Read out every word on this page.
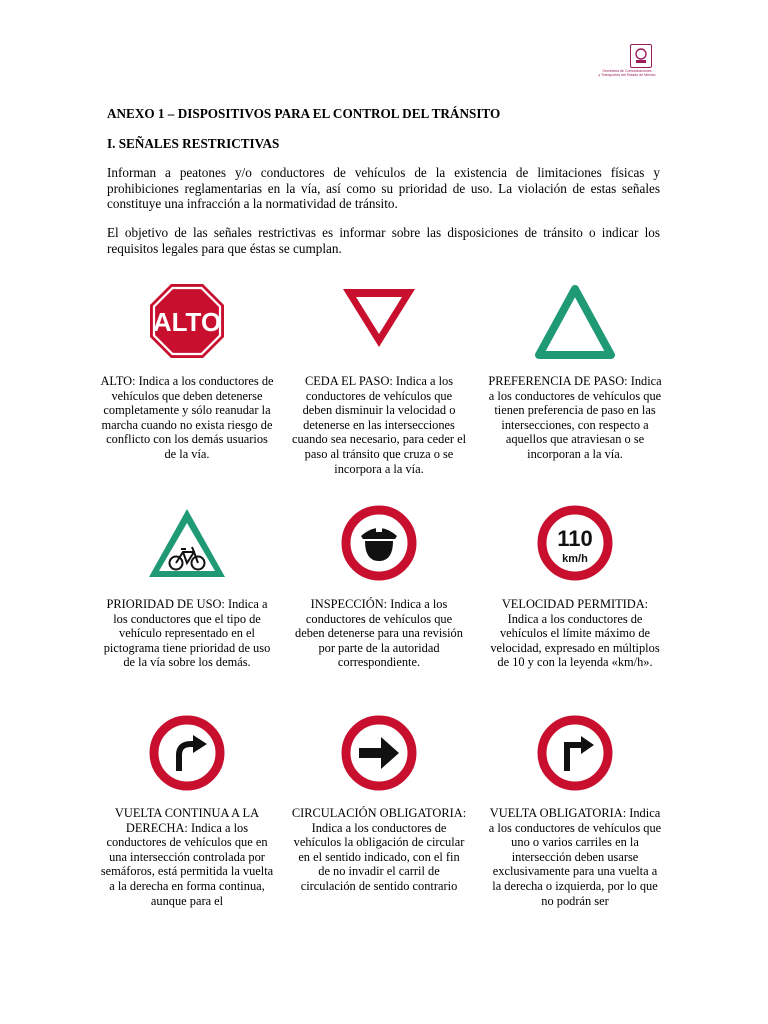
Secretaría de Comunicaciones
y Transportes del Estado de México
ANEXO 1 – DISPOSITIVOS PARA EL CONTROL DEL TRÁNSITO
I. SEÑALES RESTRICTIVAS

Informan a peatones y/o conductores de vehículos de la existencia de limitaciones físicas y prohibiciones reglamentarias en la vía, así como su prioridad de uso. La violación de estas señales constituye una infracción a la normatividad de tránsito.

El objetivo de las señales restrictivas es informar sobre las disposiciones de tránsito o indicar los requisitos legales para que éstas se cumplan.

ALTO

ALTO: Indica a los conductores de vehículos que deben detenerse completamente y sólo reanudar la marcha cuando no exista riesgo de conflicto con los demás usuarios de la vía.

CEDA EL PASO: Indica a los conductores de vehículos que deben disminuir la velocidad o detenerse en las intersecciones cuando sea necesario, para ceder el paso al tránsito que cruza o se incorpora a la vía.

PREFERENCIA DE PASO: Indica a los conductores de vehículos que tienen preferencia de paso en las intersecciones, con respecto a aquellos que atraviesan o se incorporan a la vía.

PRIORIDAD DE USO: Indica a los conductores que el tipo de vehículo representado en el pictograma tiene prioridad de uso de la vía sobre los demás.

INSPECCIÓN: Indica a los conductores de vehículos que deben detenerse para una revisión por parte de la autoridad correspondiente.

110
km/h

VELOCIDAD PERMITIDA: Indica a los conductores de vehículos el límite máximo de velocidad, expresado en múltiplos de 10 y con la leyenda «km/h».

VUELTA CONTINUA A LA DERECHA: Indica a los conductores de vehículos que en una intersección controlada por semáforos, está permitida la vuelta a la derecha en forma continua, aunque para el

CIRCULACIÓN OBLIGATORIA: Indica a los conductores de vehículos la obligación de circular en el sentido indicado, con el fin de no invadir el carril de circulación de sentido contrario

VUELTA OBLIGATORIA: Indica a los conductores de vehículos que uno o varios carriles en la intersección deben usarse exclusivamente para una vuelta a la derecha o izquierda, por lo que no podrán ser
